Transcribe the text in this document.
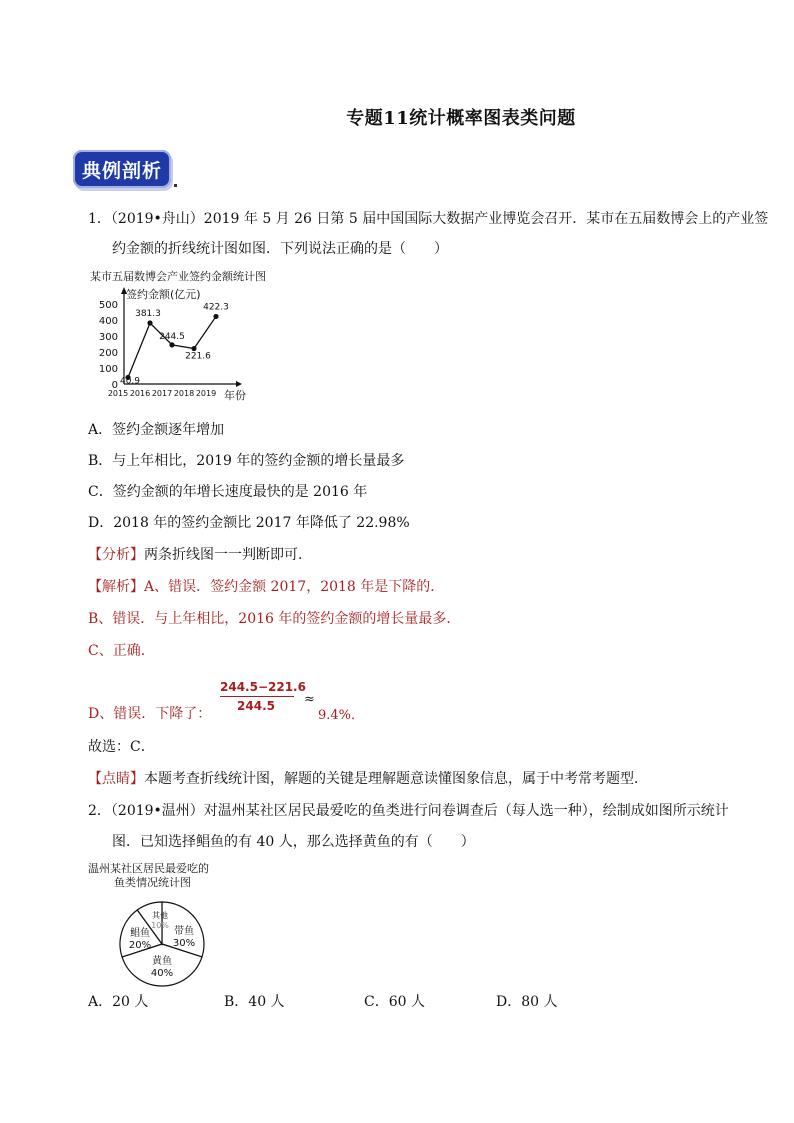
专题11统计概率图表类问题
典例剖析
1．（2019•舟山）2019 年 5 月 26 日第 5 届中国国际大数据产业博览会召开．某市在五届数博会上的产业签
约金额的折线统计图如图．下列说法正确的是（　　）
某市五届数博会产业签约金额统计图
签约金额(亿元)
年份
0
100
200
300
400
500
2015 2016 2017 2018 2019
40.9
381.3
244.5
221.6
422.3
A．签约金额逐年增加
B．与上年相比，2019 年的签约金额的增长量最多
C．签约金额的年增长速度最快的是 2016 年
D．2018 年的签约金额比 2017 年降低了 22.98%
【分析】两条折线图一一判断即可．
【解析】A、错误．签约金额 2017，2018 年是下降的．
B、错误．与上年相比，2016 年的签约金额的增长量最多．
C、正确．
D、错误．下降了：
$\frac{244.5-221.6}{244.5}$ ≈
9.4%．
故选：C．
【点睛】本题考查折线统计图，解题的关键是理解题意读懂图象信息，属于中考常考题型．
2．（2019•温州）对温州某社区居民最爱吃的鱼类进行问卷调查后（每人选一种），绘制成如图所示统计
图．已知选择鲳鱼的有 40 人，那么选择黄鱼的有（　　）
温州某社区居民最爱吃的
鱼类情况统计图
带鱼
30%
黄鱼
40%
鲳鱼
20%
其他
10%
A．20 人	B．40 人	C．60 人	D．80 人
